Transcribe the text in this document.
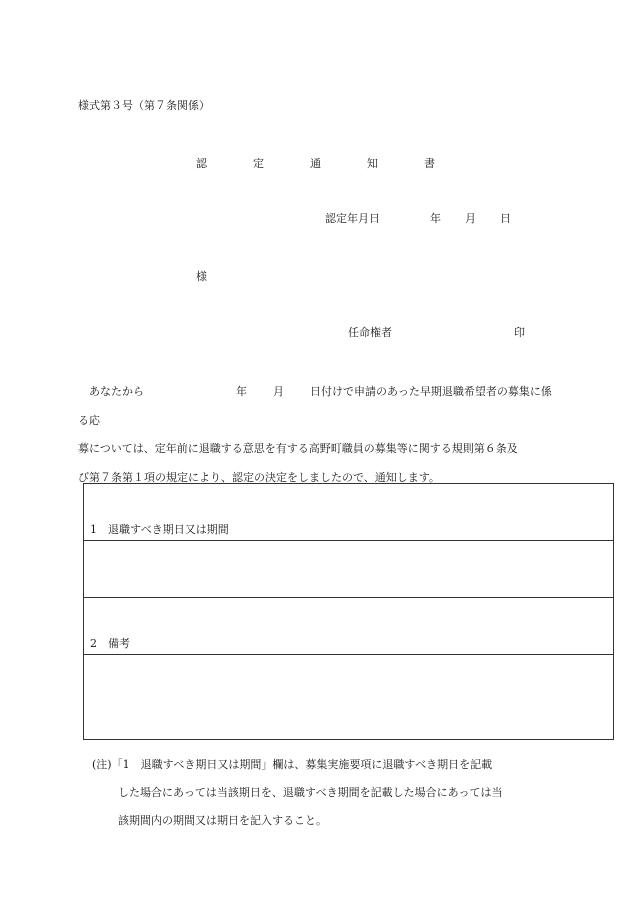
様式第３号（第７条関係）
認	定	通	知	書
認定年月日	年 月 日
様
任命権者	印

　あなたから	年 月 日付けで申請のあった早期退職希望者の募集に係る応

募については、定年前に退職する意思を有する高野町職員の募集等に関する規則第６条及

び第７条第１項の規定により、認定の決定をしましたので、通知します。

1　退職すべき期日又は期間
2　備考

(注)「1　退職すべき期日又は期間」欄は、募集実施要項に退職すべき期日を記載

した場合にあっては当該期日を、退職すべき期間を記載した場合にあっては当

該期間内の期間又は期日を記入すること。
